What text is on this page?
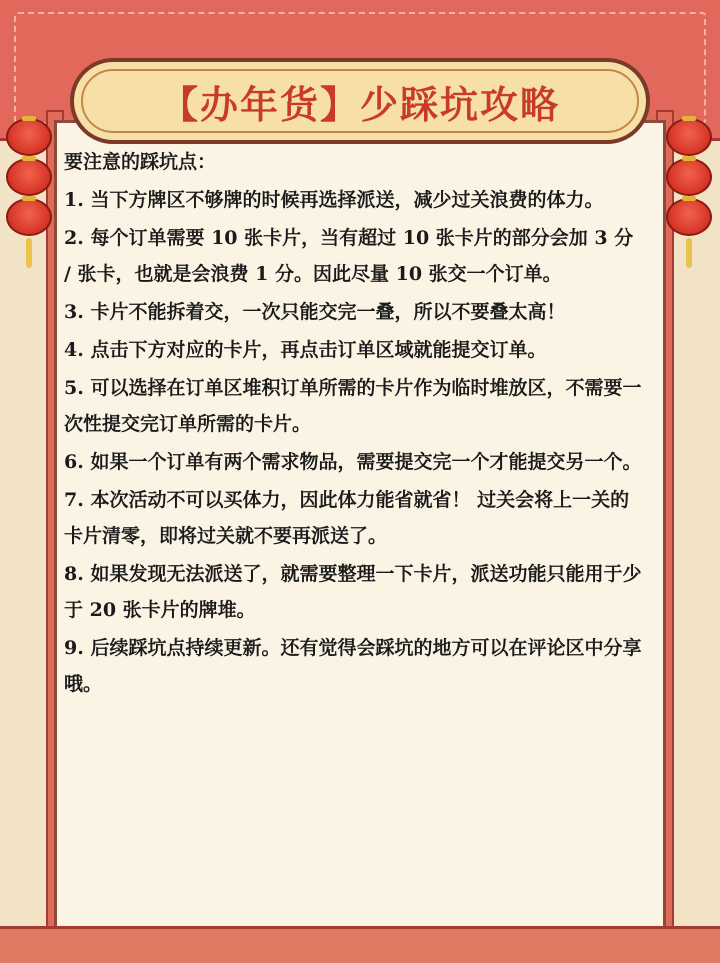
【办年货】少踩坑攻略

要注意的踩坑点：

1. 当下方牌区不够牌的时候再选择派送，减少过关浪费的体力。

2. 每个订单需要 10 张卡片，当有超过 10 张卡片的部分会加 3 分 / 张卡，也就是会浪费 1 分。因此尽量 10 张交一个订单。

3. 卡片不能拆着交，一次只能交完一叠，所以不要叠太高！

4. 点击下方对应的卡片，再点击订单区域就能提交订单。

5. 可以选择在订单区堆积订单所需的卡片作为临时堆放区，不需要一次性提交完订单所需的卡片。

6. 如果一个订单有两个需求物品，需要提交完一个才能提交另一个。

7. 本次活动不可以买体力，因此体力能省就省！ 过关会将上一关的卡片清零，即将过关就不要再派送了。

8. 如果发现无法派送了，就需要整理一下卡片，派送功能只能用于少于 20 张卡片的牌堆。

9. 后续踩坑点持续更新。还有觉得会踩坑的地方可以在评论区中分享哦。
